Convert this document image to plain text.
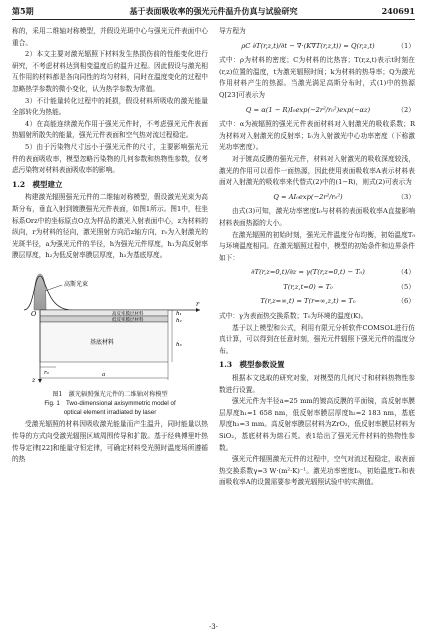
第5期	基于表面吸收率的强光元件温升仿真与试验研究	240691

称的，采用二维轴对称模型，并假设光斑中心与强光元件表面中心重合。

2）本文主要对激光辐照下材料发生热损伤前的性能变化进行研究，不考虑材料达到相变温度后的温升过程。因此假设与激光相互作用的材料都是各向同性的均匀材料，同时在温度变化的过程中忽略热学参数的微小变化，认为热学参数为常值。

3）不计能量转化过程中的耗损，假设材料所吸收的激光能量全部转化为热能。

4）在高能连续激光作用于强光元件时，不考虑强光元件表面热辐射所散失的能量，强光元件表面和空气热对流过程稳定。

5）由于污染物尺寸远小于强光元件的尺寸，主要影响强光元件的表面吸收率，模型忽略污染物的几何参数和热物性参数，仅考虑污染物对材料表面吸收率的影响。

1.2　模型建立

构建激光辐照强光元件的二维轴对称模型，假设激光光束为高斯分布，垂直入射到镀膜强光元件表面，如图1所示。图1中，柱坐标系Orz中的坐标原点O点为样品的激光入射表面中心，z为材料的纵向，r为材料的径向，激光照射方向沿z轴方向，r₀为入射激光的光斑半径，a为强光元件的半径，h为强光元件厚度，h₁为高反射率膜层厚度，h₂为低反射率膜层厚度，h₃为基底厚度。

高斯光束
r
O	高反率膜层材料
低反率膜层材料
基底材料
h₁
h₂
h₃
z
r₀	a
图1　激光辐照强光元件的二维轴对称模型
Fig. 1　Two-dimensional axisymmetric model of
optical element irradiated by laser

受激光辐照的材料因吸收激光能量而产生温升，同时能量以热传导的方式向受激光辐照区域周围传导和扩散。基于经典傅里叶热传导定律[22]和能量守恒定律，可确定材料受光照时温度场所遵循的热

导方程为

ρC ∂T(r,z,t)/∂t − ∇·(K∇T(r,z,t)) = Q(r,z,t)	（1）

式中：ρ为材料的密度；C为材料的比热容；T(r,z,t)表示t时刻在(r,z)位置的温度，t为激光辐照时间；k为材料的热导率；Q为激光作用材料产生的热源。当激光满足高斯分布时，式(1)中的热源Q[23]可表示为

Q = α(1 − R)I₀exp(−2r²/r₀²)exp(−αz)	（2）

式中：α为被辐照的强光元件表面材料对入射激光的吸收系数；R为材料对入射激光的反射率；I₀为入射激光中心功率密度（下称激光功率密度）。

对于镀高反膜的强光元件，材料对入射激光的吸收深度较浅，激光的作用可以看作一面热源，因此使用表面吸收率A表示材料表面对入射激光的吸收率来代替式(2)中的(1−R)，则式(2)可表示为

Q = AI₀exp(−2r²/r₀²)	（3）

由式(3)可知，激光功率密度I₀与材料的表面吸收率A直接影响材料表面热源的大小。

在激光辐照的初始时刻，强光元件温度分布均衡，初始温度T₀与环境温度相同。在激光辐照过程中，模型的初始条件和边界条件如下：

∂T(r,z=0,t)/∂z = γ(T(r,z=0,t) − T₀)	（4）
T(r,z,t=0) = T₀	（5）
T(r,z=∞,t) = T(r=∞,z,t) = T₀	（6）

式中：γ为表面热交换系数；T₀为环境的温度(K)。

基于以上模型和公式，利用有限元分析软件COMSOL进行仿真计算，可以得到在任意时刻，强光元件辐照下强光元件的温度分布。

1.3　模型参数设置

根据本文选取的研究对象，对模型的几何尺寸和材料热物性参数进行设置。

强光元件为半径a=25 mm的镀高反膜的平面镜，高反射率膜层厚度h₁=1 658 nm，低反射率膜层厚度h₂=2 183 nm，基底厚度h₃=3 mm。高反射率膜层材料为ZrO₂，低反射率膜层材料为SiO₂，基底材料为熔石英。表1给出了强光元件材料的热物性参数。

强光元件辐照激光元件的过程中，空气对流过程稳定，取表面热交换系数γ=3 W·(m²·K)⁻¹。激光功率密度I₀，初始温度T₀和表面吸收率A的设置需要参考激光辐照试验中的实测值。

·3·
